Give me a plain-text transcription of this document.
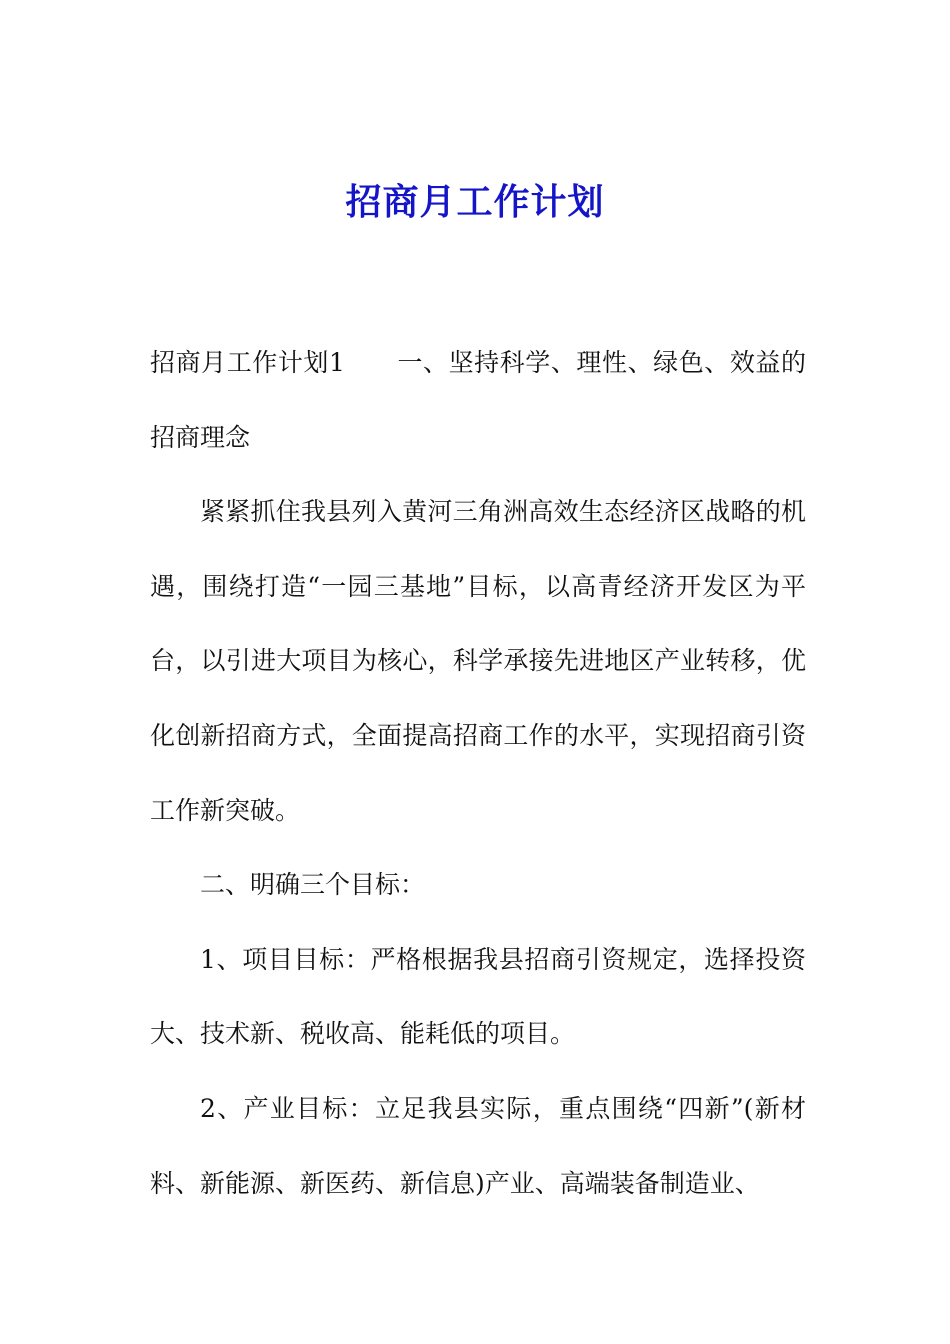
招商月工作计划

招商月工作计划1 一、坚持科学、理性、绿色、效益的招商理念

紧紧抓住我县列入黄河三角洲高效生态经济区战略的机遇，围绕打造“一园三基地”目标，以高青经济开发区为平台，以引进大项目为核心，科学承接先进地区产业转移，优化创新招商方式，全面提高招商工作的水平，实现招商引资工作新突破。

二、明确三个目标：

1、项目目标：严格根据我县招商引资规定，选择投资大、技术新、税收高、能耗低的项目。

2、产业目标：立足我县实际，重点围绕“四新”(新材料、新能源、新医药、新信息)产业、高端装备制造业、
